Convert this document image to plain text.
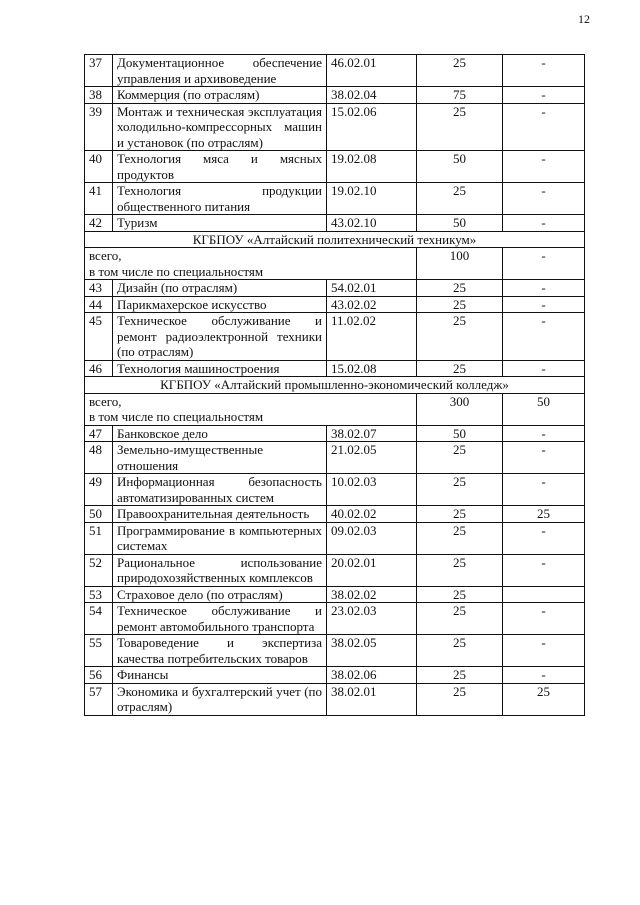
12
37	Документационное обеспечение управления и архивоведение	46.02.01	25	-
38	Коммерция (по отраслям)	38.02.04	75	-
39	Монтаж и техническая эксплуатация холодильно-компрессорных машин и установок (по отраслям)	15.02.06	25	-
40	Технология мяса и мясных продуктов	19.02.08	50	-
41	Технология продукции общественного питания	19.02.10	25	-
42	Туризм	43.02.10	50	-
КГБПОУ «Алтайский политехнический техникум»				

всего,
в том числе по специальностям			100	-
43	Дизайн (по отраслям)	54.02.01	25	-
44	Парикмахерское искусство	43.02.02	25	-
45	Техническое обслуживание и ремонт радиоэлектронной техники (по отраслям)	11.02.02	25	-
46	Технология машиностроения	15.02.08	25	-
КГБПОУ «Алтайский промышленно-экономический колледж»				

всего,
в том числе по специальностям			300	50
47	Банковское дело	38.02.07	50	-
48	Земельно-имущественные отношения	21.02.05	25	-
49	Информационная безопасность автоматизированных систем	10.02.03	25	-
50	Правоохранительная деятельность	40.02.02	25	25
51	Программирование в компьютерных системах	09.02.03	25	-
52	Рациональное использование природохозяйственных комплексов	20.02.01	25	-
53	Страховое дело (по отраслям)	38.02.02	25	
54	Техническое обслуживание и ремонт автомобильного транспорта	23.02.03	25	-
55	Товароведение и экспертиза качества потребительских товаров	38.02.05	25	-
56	Финансы	38.02.06	25	-
57	Экономика и бухгалтерский учет (по отраслям)	38.02.01	25	25
